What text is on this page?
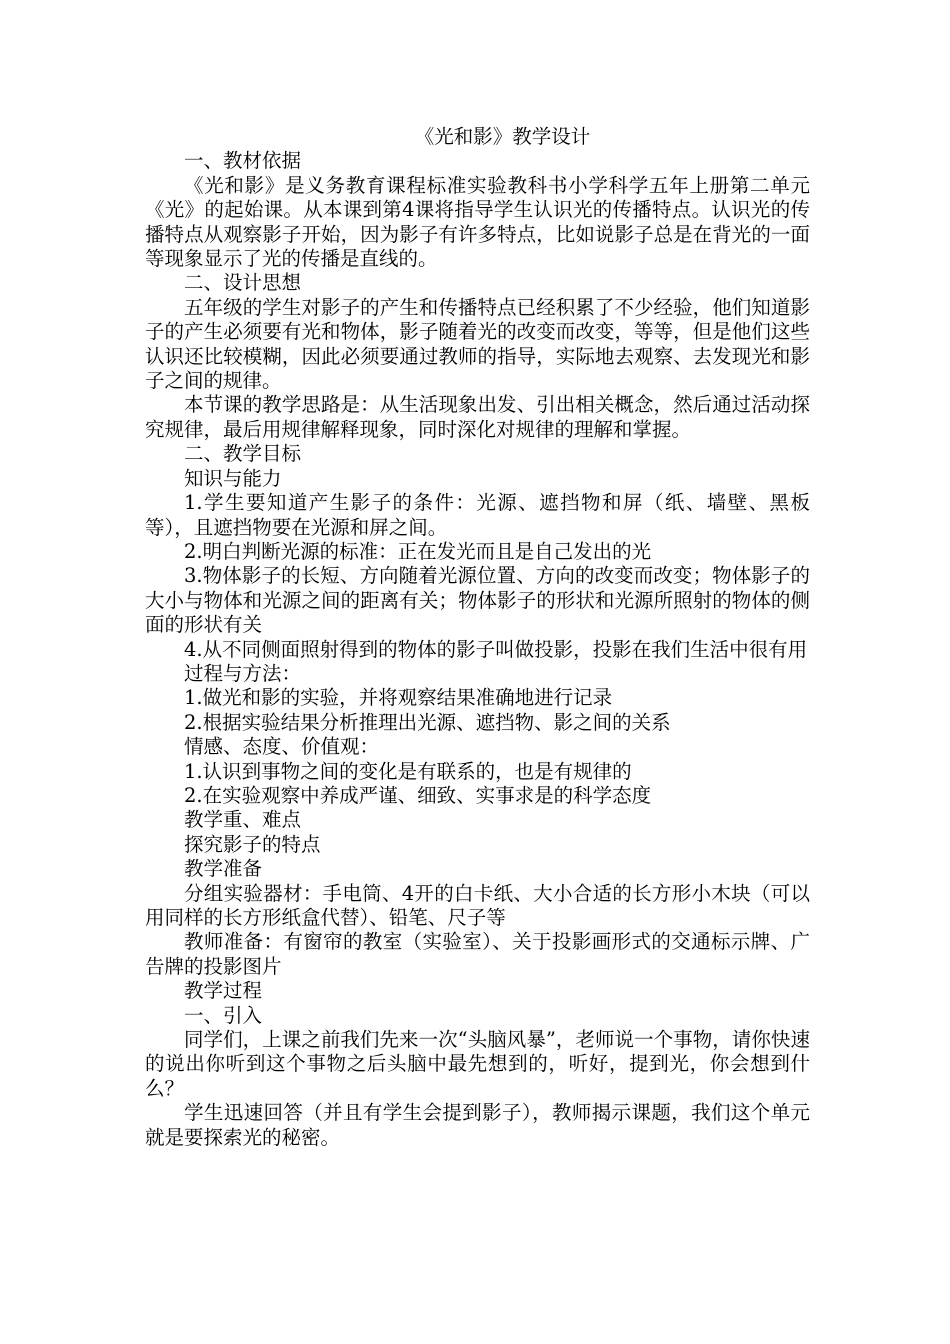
《光和影》教学设计

一、教材依据

《光和影》是义务教育课程标准实验教科书小学科学五年上册第二单元《光》的起始课。从本课到第4课将指导学生认识光的传播特点。认识光的传播特点从观察影子开始，因为影子有许多特点，比如说影子总是在背光的一面等现象显示了光的传播是直线的。

二、设计思想

五年级的学生对影子的产生和传播特点已经积累了不少经验，他们知道影子的产生必须要有光和物体，影子随着光的改变而改变，等等，但是他们这些认识还比较模糊，因此必须要通过教师的指导，实际地去观察、去发现光和影子之间的规律。

本节课的教学思路是：从生活现象出发、引出相关概念，然后通过活动探究规律，最后用规律解释现象，同时深化对规律的理解和掌握。

二、教学目标

知识与能力

1.学生要知道产生影子的条件：光源、遮挡物和屏（纸、墙壁、黑板等），且遮挡物要在光源和屏之间。

2.明白判断光源的标准：正在发光而且是自己发出的光

3.物体影子的长短、方向随着光源位置、方向的改变而改变；物体影子的大小与物体和光源之间的距离有关；物体影子的形状和光源所照射的物体的侧面的形状有关

4.从不同侧面照射得到的物体的影子叫做投影，投影在我们生活中很有用

过程与方法：

1.做光和影的实验，并将观察结果准确地进行记录

2.根据实验结果分析推理出光源、遮挡物、影之间的关系

情感、态度、价值观：

1.认识到事物之间的变化是有联系的，也是有规律的

2.在实验观察中养成严谨、细致、实事求是的科学态度

教学重、难点

探究影子的特点

教学准备

分组实验器材：手电筒、4开的白卡纸、大小合适的长方形小木块（可以用同样的长方形纸盒代替）、铅笔、尺子等

教师准备：有窗帘的教室（实验室）、关于投影画形式的交通标示牌、广告牌的投影图片

教学过程

一、引入

同学们，上课之前我们先来一次“头脑风暴”，老师说一个事物，请你快速的说出你听到这个事物之后头脑中最先想到的，听好，提到光，你会想到什么？

学生迅速回答（并且有学生会提到影子），教师揭示课题，我们这个单元就是要探索光的秘密。
